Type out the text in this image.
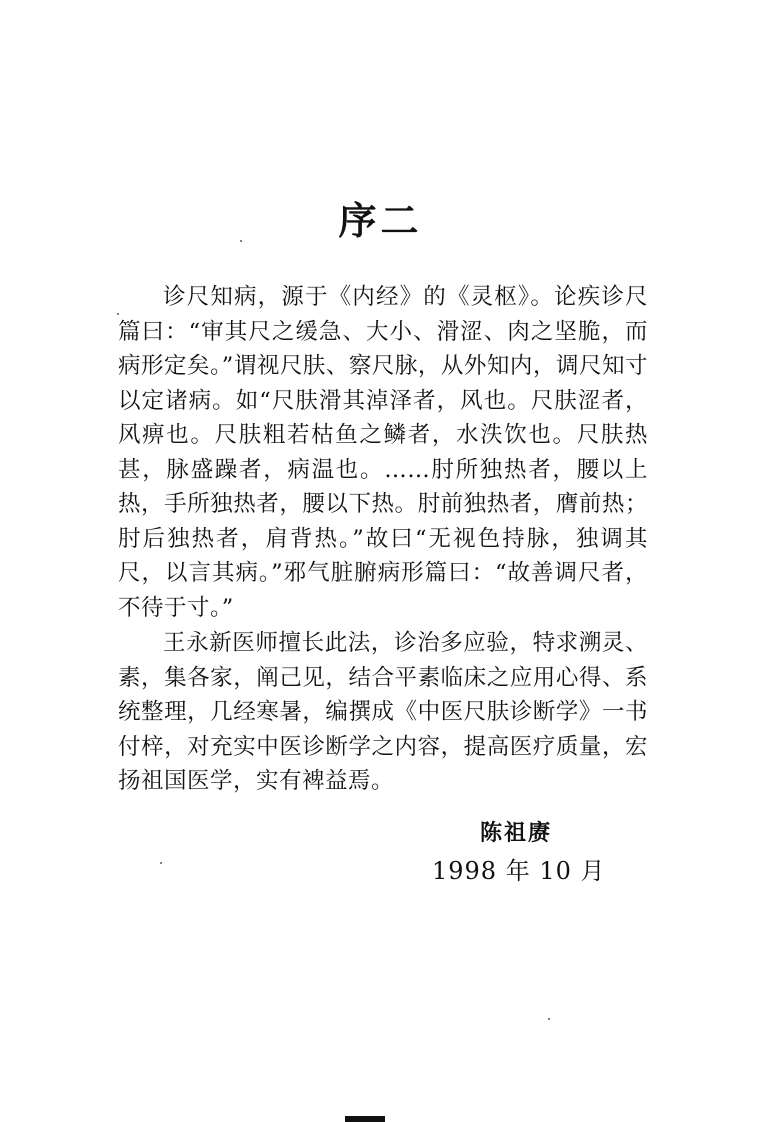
序二

诊尺知病，源于《内经》的《灵枢》。论疾诊尺篇曰：“审其尺之缓急、大小、滑涩、肉之坚脆，而病形定矣。”谓视尺肤、察尺脉，从外知内，调尺知寸以定诸病。如“尺肤滑其淖泽者，风也。尺肤涩者，风痹也。尺肤粗若枯鱼之鳞者，水泆饮也。尺肤热甚，脉盛躁者，病温也。……肘所独热者，腰以上热，手所独热者，腰以下热。肘前独热者，膺前热；肘后独热者，肩背热。”故曰“无视色持脉，独调其尺，以言其病。”邪气脏腑病形篇曰：“故善调尺者，不待于寸。”

王永新医师擅长此法，诊治多应验，特求溯灵、素，集各家，阐己见，结合平素临床之应用心得、系统整理，几经寒暑，编撰成《中医尺肤诊断学》一书付梓，对充实中医诊断学之内容，提高医疗质量，宏扬祖国医学，实有裨益焉。

陈祖赓
1998 年 10 月
